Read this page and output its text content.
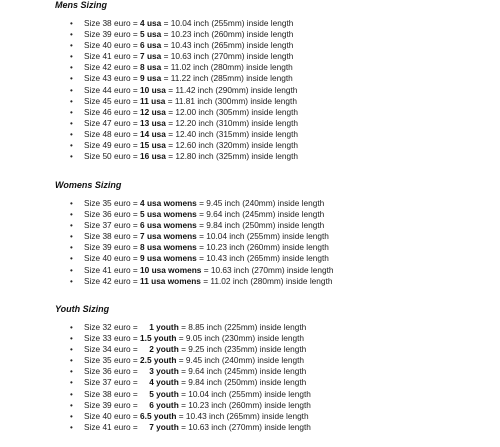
Mens Sizing
• Size 38 euro = 4 usa = 10.04 inch (255mm) inside length
• Size 39 euro = 5 usa = 10.23 inch (260mm) inside length
• Size 40 euro = 6 usa = 10.43 inch (265mm) inside length
• Size 41 euro = 7 usa = 10.63 inch (270mm) inside length
• Size 42 euro = 8 usa = 11.02 inch (280mm) inside length
• Size 43 euro = 9 usa = 11.22 inch (285mm) inside length
• Size 44 euro = 10 usa = 11.42 inch (290mm) inside length
• Size 45 euro = 11 usa = 11.81 inch (300mm) inside length
• Size 46 euro = 12 usa = 12.00 inch (305mm) inside length
• Size 47 euro = 13 usa = 12.20 inch (310mm) inside length
• Size 48 euro = 14 usa = 12.40 inch (315mm) inside length
• Size 49 euro = 15 usa = 12.60 inch (320mm) inside length
• Size 50 euro = 16 usa = 12.80 inch (325mm) inside length
Womens Sizing
• Size 35 euro = 4 usa womens = 9.45 inch (240mm) inside length
• Size 36 euro = 5 usa womens = 9.64 inch (245mm) inside length
• Size 37 euro = 6 usa womens = 9.84 inch (250mm) inside length
• Size 38 euro = 7 usa womens = 10.04 inch (255mm) inside length
• Size 39 euro = 8 usa womens = 10.23 inch (260mm) inside length
• Size 40 euro = 9 usa womens = 10.43 inch (265mm) inside length
• Size 41 euro = 10 usa womens = 10.63 inch (270mm) inside length
• Size 42 euro = 11 usa womens = 11.02 inch (280mm) inside length
Youth Sizing
• Size 32 euro =     1 youth = 8.85 inch (225mm) inside length
• Size 33 euro = 1.5 youth = 9.05 inch (230mm) inside length
• Size 34 euro =     2 youth = 9.25 inch (235mm) inside length
• Size 35 euro = 2.5 youth = 9.45 inch (240mm) inside length
• Size 36 euro =     3 youth = 9.64 inch (245mm) inside length
• Size 37 euro =     4 youth = 9.84 inch (250mm) inside length
• Size 38 euro =     5 youth = 10.04 inch (255mm) inside length
• Size 39 euro =     6 youth = 10.23 inch (260mm) inside length
• Size 40 euro = 6.5 youth = 10.43 inch (265mm) inside length
• Size 41 euro =     7 youth = 10.63 inch (270mm) inside length
